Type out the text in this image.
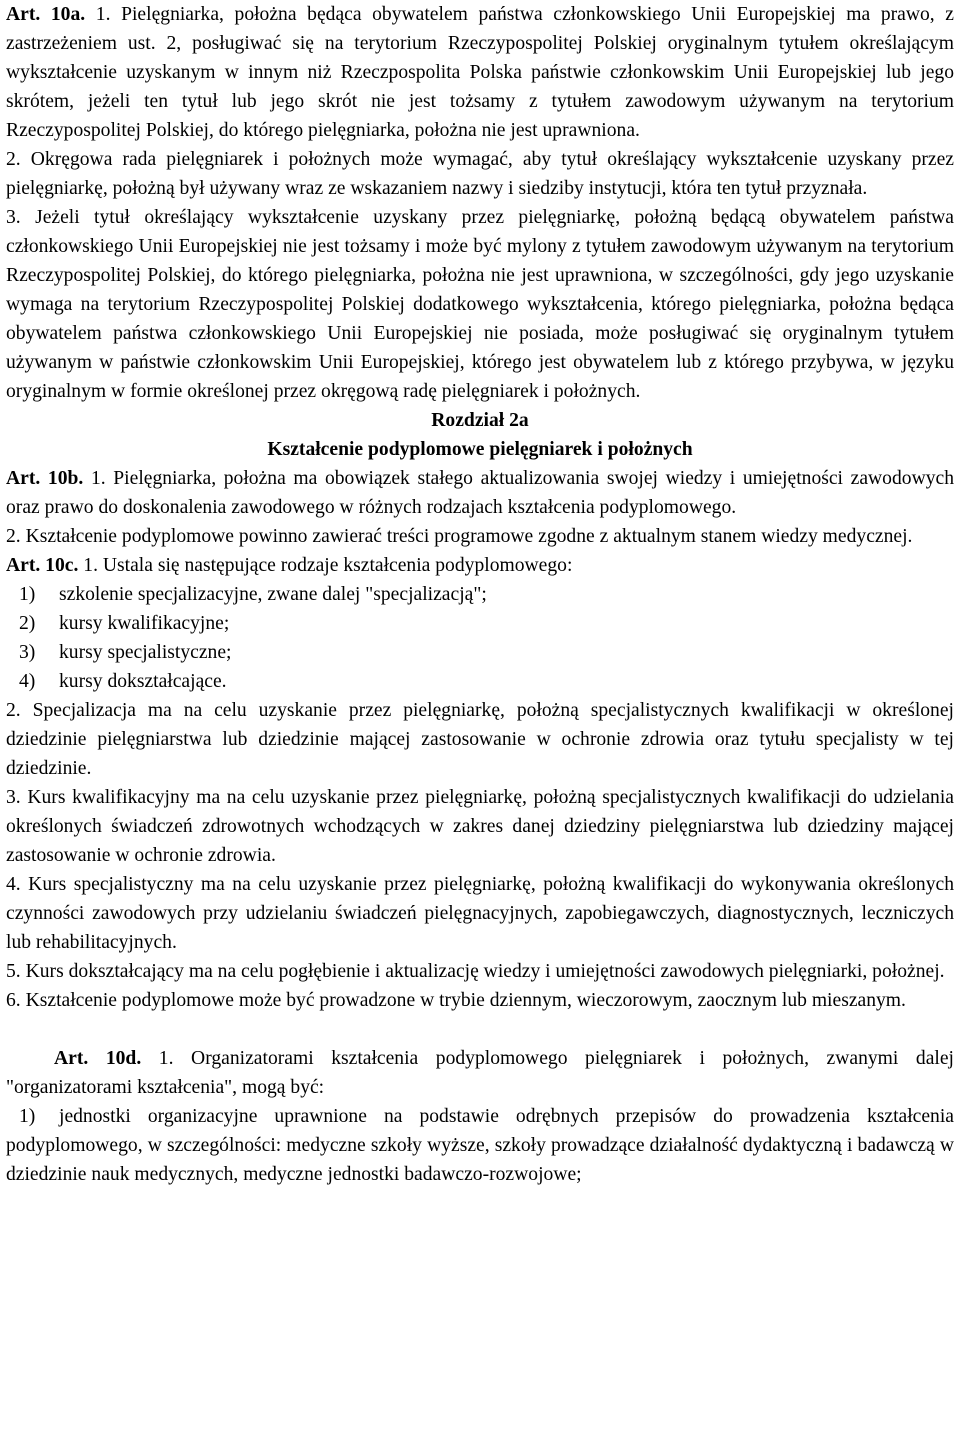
Art. 10a. 1. Pielęgniarka, położna będąca obywatelem państwa członkowskiego Unii Europejskiej ma prawo, z zastrzeżeniem ust. 2, posługiwać się na terytorium Rzeczypospolitej Polskiej oryginalnym tytułem określającym wykształcenie uzyskanym w innym niż Rzeczpospolita Polska państwie członkowskim Unii Europejskiej lub jego skrótem, jeżeli ten tytuł lub jego skrót nie jest tożsamy z tytułem zawodowym używanym na terytorium Rzeczypospolitej Polskiej, do którego pielęgniarka, położna nie jest uprawniona.

2. Okręgowa rada pielęgniarek i położnych może wymagać, aby tytuł określający wykształcenie uzyskany przez pielęgniarkę, położną był używany wraz ze wskazaniem nazwy i siedziby instytucji, która ten tytuł przyznała.

3. Jeżeli tytuł określający wykształcenie uzyskany przez pielęgniarkę, położną będącą obywatelem państwa członkowskiego Unii Europejskiej nie jest tożsamy i może być mylony z tytułem zawodowym używanym na terytorium Rzeczypospolitej Polskiej, do którego pielęgniarka, położna nie jest uprawniona, w szczególności, gdy jego uzyskanie wymaga na terytorium Rzeczypospolitej Polskiej dodatkowego wykształcenia, którego pielęgniarka, położna będąca obywatelem państwa członkowskiego Unii Europejskiej nie posiada, może posługiwać się oryginalnym tytułem używanym w państwie członkowskim Unii Europejskiej, którego jest obywatelem lub z którego przybywa, w języku oryginalnym w formie określonej przez okręgową radę pielęgniarek i położnych.

Rozdział 2a

Kształcenie podyplomowe pielęgniarek i położnych

Art. 10b. 1. Pielęgniarka, położna ma obowiązek stałego aktualizowania swojej wiedzy i umiejętności zawodowych oraz prawo do doskonalenia zawodowego w różnych rodzajach kształcenia podyplomowego.

2. Kształcenie podyplomowe powinno zawierać treści programowe zgodne z aktualnym stanem wiedzy medycznej.

Art. 10c. 1. Ustala się następujące rodzaje kształcenia podyplomowego:

1)	szkolenie specjalizacyjne, zwane dalej "specjalizacją";
2)	kursy kwalifikacyjne;
3)	kursy specjalistyczne;
4)	kursy dokształcające.

2. Specjalizacja ma na celu uzyskanie przez pielęgniarkę, położną specjalistycznych kwalifikacji w określonej dziedzinie pielęgniarstwa lub dziedzinie mającej zastosowanie w ochronie zdrowia oraz tytułu specjalisty w tej dziedzinie.

3. Kurs kwalifikacyjny ma na celu uzyskanie przez pielęgniarkę, położną specjalistycznych kwalifikacji do udzielania określonych świadczeń zdrowotnych wchodzących w zakres danej dziedziny pielęgniarstwa lub dziedziny mającej zastosowanie w ochronie zdrowia.

4. Kurs specjalistyczny ma na celu uzyskanie przez pielęgniarkę, położną kwalifikacji do wykonywania określonych czynności zawodowych przy udzielaniu świadczeń pielęgnacyjnych, zapobiegawczych, diagnostycznych, leczniczych lub rehabilitacyjnych.

5. Kurs dokształcający ma na celu pogłębienie i aktualizację wiedzy i umiejętności zawodowych pielęgniarki, położnej.

6. Kształcenie podyplomowe może być prowadzone w trybie dziennym, wieczorowym, zaocznym lub mieszanym.

Art. 10d. 1. Organizatorami kształcenia podyplomowego pielęgniarek i położnych, zwanymi dalej "organizatorami kształcenia", mogą być:

1) jednostki organizacyjne uprawnione na podstawie odrębnych przepisów do prowadzenia kształcenia podyplomowego, w szczególności: medyczne szkoły wyższe, szkoły prowadzące działalność dydaktyczną i badawczą w dziedzinie nauk medycznych, medyczne jednostki badawczo-rozwojowe;
